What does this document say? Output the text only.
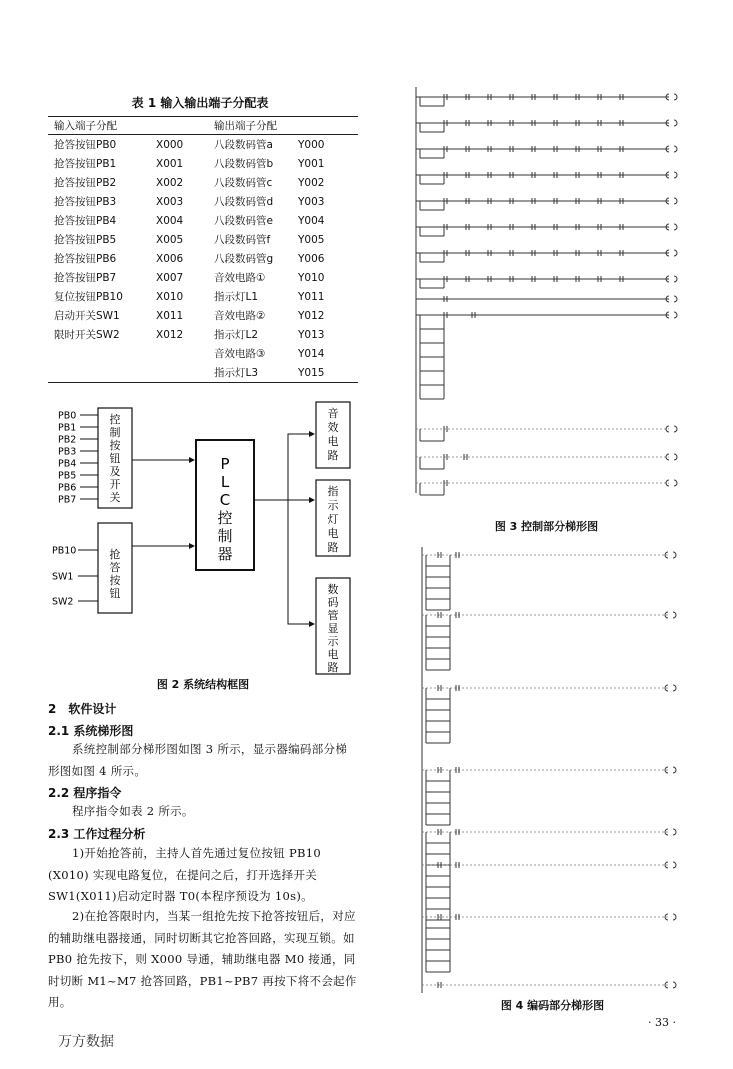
表 1 输入输出端子分配表
输入端子分配		输出端子分配	
抢答按钮PB0	X000	八段数码管a	Y000
抢答按钮PB1	X001	八段数码管b	Y001
抢答按钮PB2	X002	八段数码管c	Y002
抢答按钮PB3	X003	八段数码管d	Y003
抢答按钮PB4	X004	八段数码管e	Y004
抢答按钮PB5	X005	八段数码管f	Y005
抢答按钮PB6	X006	八段数码管g	Y006
抢答按钮PB7	X007	音效电路①	Y010
复位按钮PB10	X010	指示灯L1	Y011
启动开关SW1	X011	音效电路②	Y012
限时开关SW2	X012	指示灯L2	Y013
		音效电路③	Y014
		指示灯L3	Y015
PB0
PB1
PB2
PB3
PB4
PB5
PB6
PB7
PB10
SW1
SW2
控
制
按
钮
及
开
关
抢
答
按
钮
P
L
C
控
制
器
音
效
电
路
指
示
灯
电
路
数
码
管
显
示
电
路
图 2 系统结构框图
2　软件设计
2.1 系统梯形图
系统控制部分梯形图如图 3 所示，显示器编码部分梯形图如图 4 所示。
2.2 程序指令
程序指令如表 2 所示。
2.3 工作过程分析
1)开始抢答前，主持人首先通过复位按钮 PB10 (X010) 实现电路复位，在提问之后，打开选择开关 SW1(X011)启动定时器 T0(本程序预设为 10s)。
2)在抢答限时内，当某一组抢先按下抢答按钮后，对应的辅助继电器接通，同时切断其它抢答回路，实现互锁。如 PB0 抢先按下，则 X000 导通，辅助继电器 M0 接通，同时切断 M1~M7 抢答回路，PB1~PB7 再按下将不会起作用。
图 3 控制部分梯形图
图 4 编码部分梯形图
· 33 ·
万方数据
